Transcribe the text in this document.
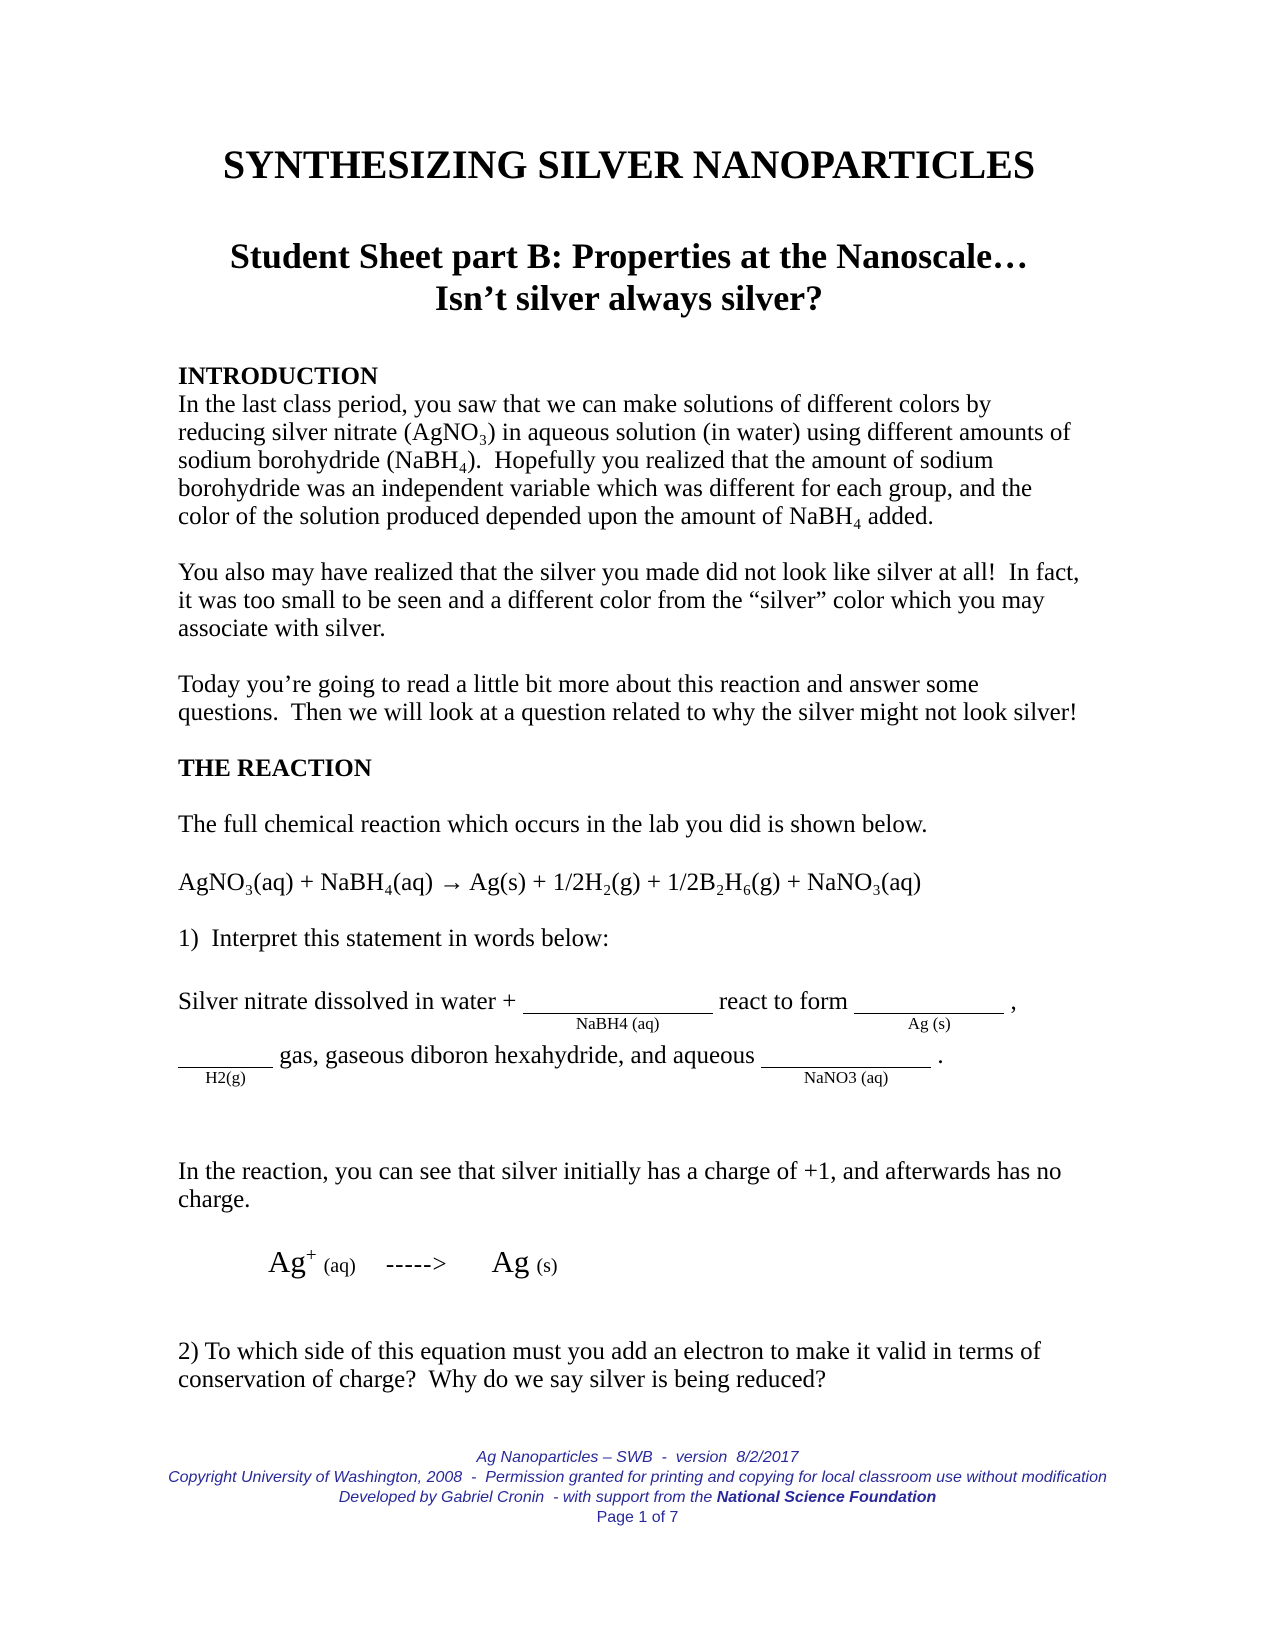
SYNTHESIZING SILVER NANOPARTICLES
Student Sheet part B: Properties at the Nanoscale…
Isn’t silver always silver?
INTRODUCTION

In the last class period, you saw that we can make solutions of different colors by reducing silver nitrate (AgNO₃) in aqueous solution (in water) using different amounts of sodium borohydride (NaBH₄).  Hopefully you realized that the amount of sodium borohydride was an independent variable which was different for each group, and the color of the solution produced depended upon the amount of NaBH₄ added.

You also may have realized that the silver you made did not look like silver at all!  In fact, it was too small to be seen and a different color from the “silver” color which you may associate with silver.

Today you’re going to read a little bit more about this reaction and answer some questions.  Then we will look at a question related to why the silver might not look silver!

THE REACTION

The full chemical reaction which occurs in the lab you did is shown below.

AgNO₃(aq) + NaBH₄(aq) → Ag(s) + 1/2H₂(g) + 1/2B₂H₆(g) + NaNO₃(aq)
1)  Interpret this statement in words below:
Silver nitrate dissolved in water +
NaBH4 (aq)
react to form
Ag (s)
,
H2(g)
gas, gaseous diboron hexahydride, and aqueous
NaNO3 (aq)
.

In the reaction, you can see that silver initially has a charge of +1, and afterwards has no charge.

Ag+ (aq) -----> Ag (s)

2) To which side of this equation must you add an electron to make it valid in terms of conservation of charge?  Why do we say silver is being reduced?

Ag Nanoparticles – SWB  -  version  8/2/2017
Copyright University of Washington, 2008  -  Permission granted for printing and copying for local classroom use without modification
Developed by Gabriel Cronin  - with support from the National Science Foundation
Page 1 of 7
